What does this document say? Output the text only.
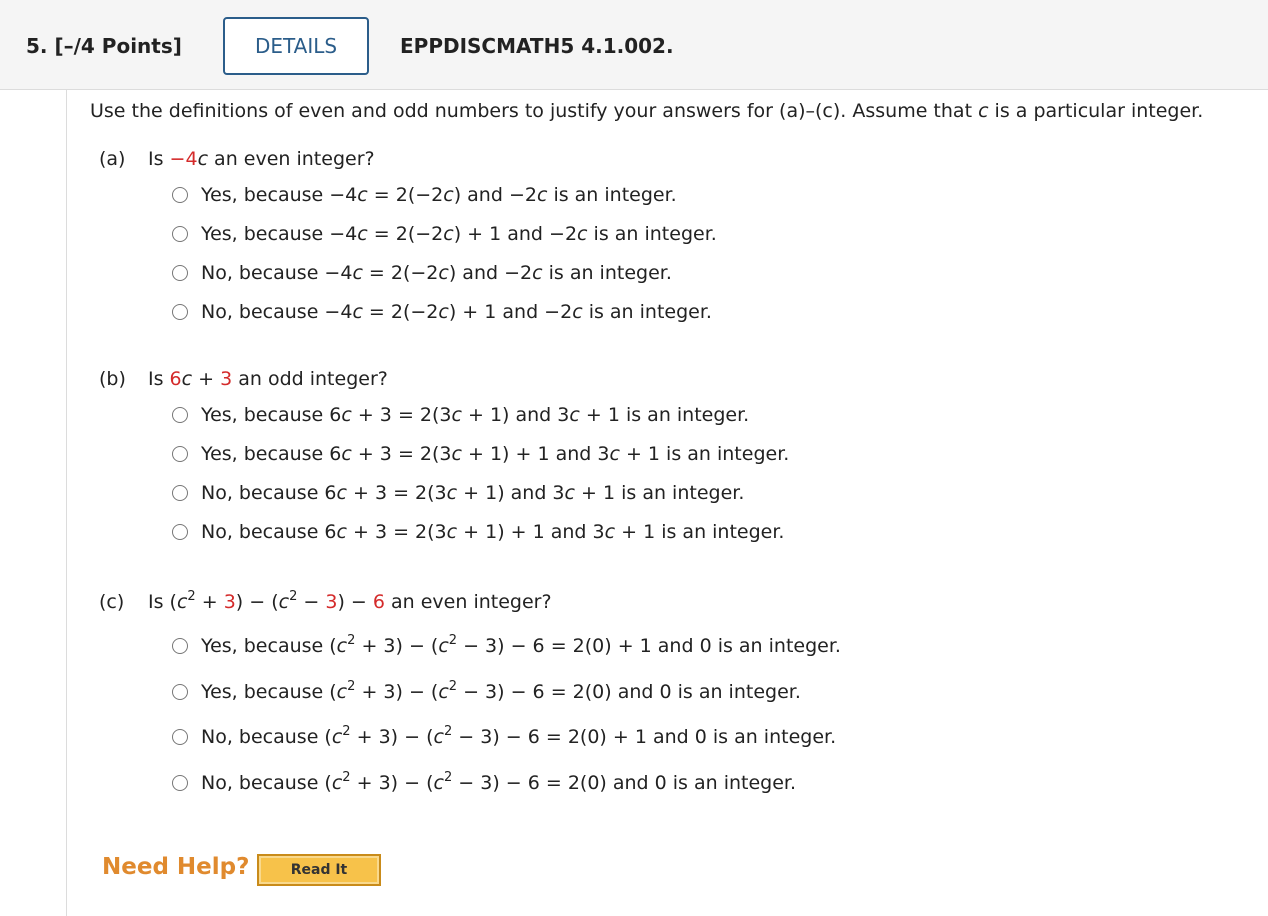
5. [–/4 Points]	DETAILS	EPPDISCMATH5 4.1.002.
Use the definitions of even and odd numbers to justify your answers for (a)–(c). Assume that c is a particular integer.
(a) Is −4c an even integer?
Yes, because −4c = 2(−2c) and −2c is an integer.
Yes, because −4c = 2(−2c) + 1 and −2c is an integer.
No, because −4c = 2(−2c) and −2c is an integer.
No, because −4c = 2(−2c) + 1 and −2c is an integer.
(b) Is 6c + 3 an odd integer?
Yes, because 6c + 3 = 2(3c + 1) and 3c + 1 is an integer.
Yes, because 6c + 3 = 2(3c + 1) + 1 and 3c + 1 is an integer.
No, because 6c + 3 = 2(3c + 1) and 3c + 1 is an integer.
No, because 6c + 3 = 2(3c + 1) + 1 and 3c + 1 is an integer.
(c) Is $(c^2 + 3) - (c^2 - 3) - 6$ an even integer?
Yes, because $(c^2 + 3) - (c^2 - 3) - 6 = 2(0) + 1$ and 0 is an integer.
Yes, because $(c^2 + 3) - (c^2 - 3) - 6 = 2(0)$ and 0 is an integer.
No, because $(c^2 + 3) - (c^2 - 3) - 6 = 2(0) + 1$ and 0 is an integer.
No, because $(c^2 + 3) - (c^2 - 3) - 6 = 2(0)$ and 0 is an integer.
Need Help?	Read It
